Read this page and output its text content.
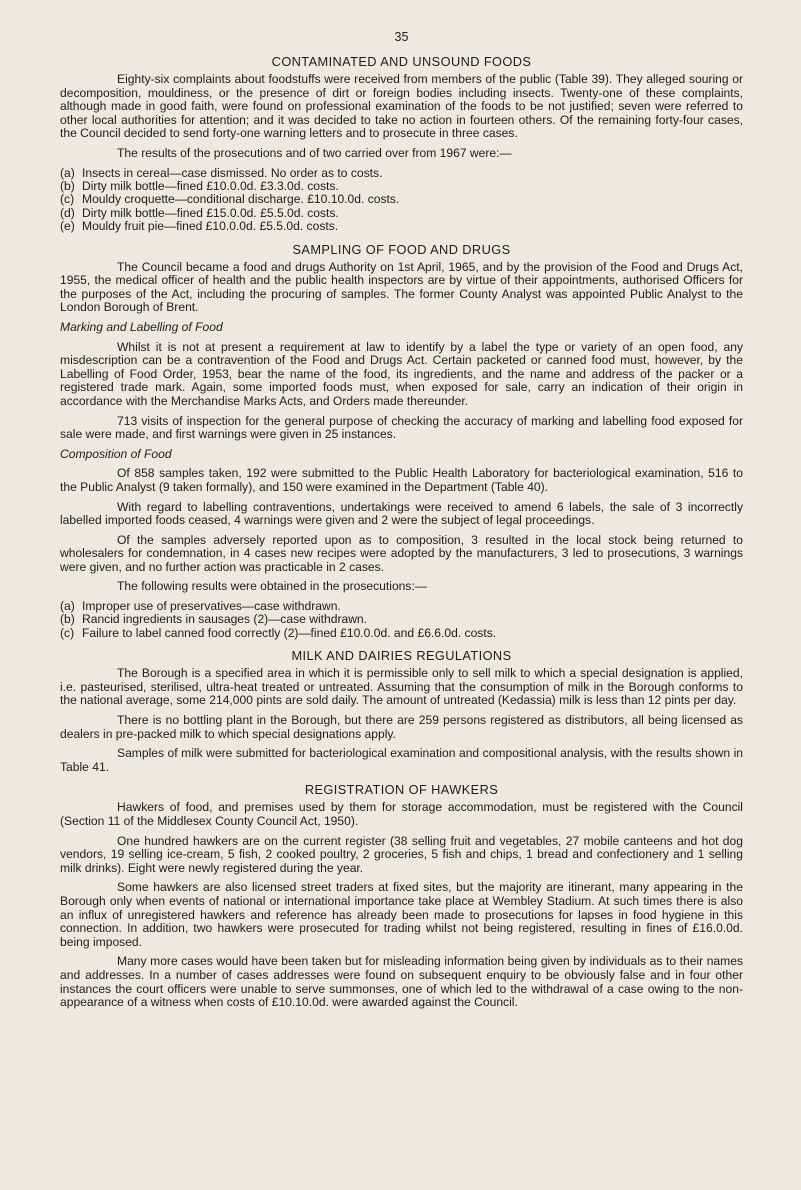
35
CONTAMINATED AND UNSOUND FOODS

Eighty-six complaints about foodstuffs were received from members of the public (Table 39). They alleged souring or decomposition, mouldiness, or the presence of dirt or foreign bodies including insects. Twenty-one of these complaints, although made in good faith, were found on professional examination of the foods to be not justified; seven were referred to other local authorities for attention; and it was decided to take no action in fourteen others. Of the remaining forty-four cases, the Council decided to send forty-one warning letters and to prosecute in three cases.

The results of the prosecutions and of two carried over from 1967 were:—

(a) Insects in cereal—case dismissed. No order as to costs.
(b) Dirty milk bottle—fined £10.0.0d. £3.3.0d. costs.
(c) Mouldy croquette—conditional discharge. £10.10.0d. costs.
(d) Dirty milk bottle—fined £15.0.0d. £5.5.0d. costs.
(e) Mouldy fruit pie—fined £10.0.0d. £5.5.0d. costs.
SAMPLING OF FOOD AND DRUGS

The Council became a food and drugs Authority on 1st April, 1965, and by the provision of the Food and Drugs Act, 1955, the medical officer of health and the public health inspectors are by virtue of their appointments, authorised Officers for the purposes of the Act, including the procuring of samples. The former County Analyst was appointed Public Analyst to the London Borough of Brent.

Marking and Labelling of Food

Whilst it is not at present a requirement at law to identify by a label the type or variety of an open food, any misdescription can be a contravention of the Food and Drugs Act. Certain packeted or canned food must, however, by the Labelling of Food Order, 1953, bear the name of the food, its ingredients, and the name and address of the packer or a registered trade mark. Again, some imported foods must, when exposed for sale, carry an indication of their origin in accordance with the Merchandise Marks Acts, and Orders made thereunder.

713 visits of inspection for the general purpose of checking the accuracy of marking and labelling food exposed for sale were made, and first warnings were given in 25 instances.

Composition of Food

Of 858 samples taken, 192 were submitted to the Public Health Laboratory for bacteriological examination, 516 to the Public Analyst (9 taken formally), and 150 were examined in the Department (Table 40).

With regard to labelling contraventions, undertakings were received to amend 6 labels, the sale of 3 incorrectly labelled imported foods ceased, 4 warnings were given and 2 were the subject of legal proceedings.

Of the samples adversely reported upon as to composition, 3 resulted in the local stock being returned to wholesalers for condemnation, in 4 cases new recipes were adopted by the manufacturers, 3 led to prosecutions, 3 warnings were given, and no further action was practicable in 2 cases.

The following results were obtained in the prosecutions:—

(a) Improper use of preservatives—case withdrawn.
(b) Rancid ingredients in sausages (2)—case withdrawn.
(c) Failure to label canned food correctly (2)—fined £10.0.0d. and £6.6.0d. costs.
MILK AND DAIRIES REGULATIONS

The Borough is a specified area in which it is permissible only to sell milk to which a special designation is applied, i.e. pasteurised, sterilised, ultra-heat treated or untreated. Assuming that the consumption of milk in the Borough conforms to the national average, some 214,000 pints are sold daily. The amount of untreated (Kedassia) milk is less than 12 pints per day.

There is no bottling plant in the Borough, but there are 259 persons registered as distributors, all being licensed as dealers in pre-packed milk to which special designations apply.

Samples of milk were submitted for bacteriological examination and compositional analysis, with the results shown in Table 41.

REGISTRATION OF HAWKERS

Hawkers of food, and premises used by them for storage accommodation, must be registered with the Council (Section 11 of the Middlesex County Council Act, 1950).

One hundred hawkers are on the current register (38 selling fruit and vegetables, 27 mobile canteens and hot dog vendors, 19 selling ice-cream, 5 fish, 2 cooked poultry, 2 groceries, 5 fish and chips, 1 bread and confectionery and 1 selling milk drinks). Eight were newly registered during the year.

Some hawkers are also licensed street traders at fixed sites, but the majority are itinerant, many appearing in the Borough only when events of national or international importance take place at Wembley Stadium. At such times there is also an influx of unregistered hawkers and reference has already been made to prosecutions for lapses in food hygiene in this connection. In addition, two hawkers were prosecuted for trading whilst not being registered, resulting in fines of £16.0.0d. being imposed.

Many more cases would have been taken but for misleading information being given by individuals as to their names and addresses. In a number of cases addresses were found on subsequent enquiry to be obviously false and in four other instances the court officers were unable to serve summonses, one of which led to the withdrawal of a case owing to the non-appearance of a witness when costs of £10.10.0d. were awarded against the Council.
